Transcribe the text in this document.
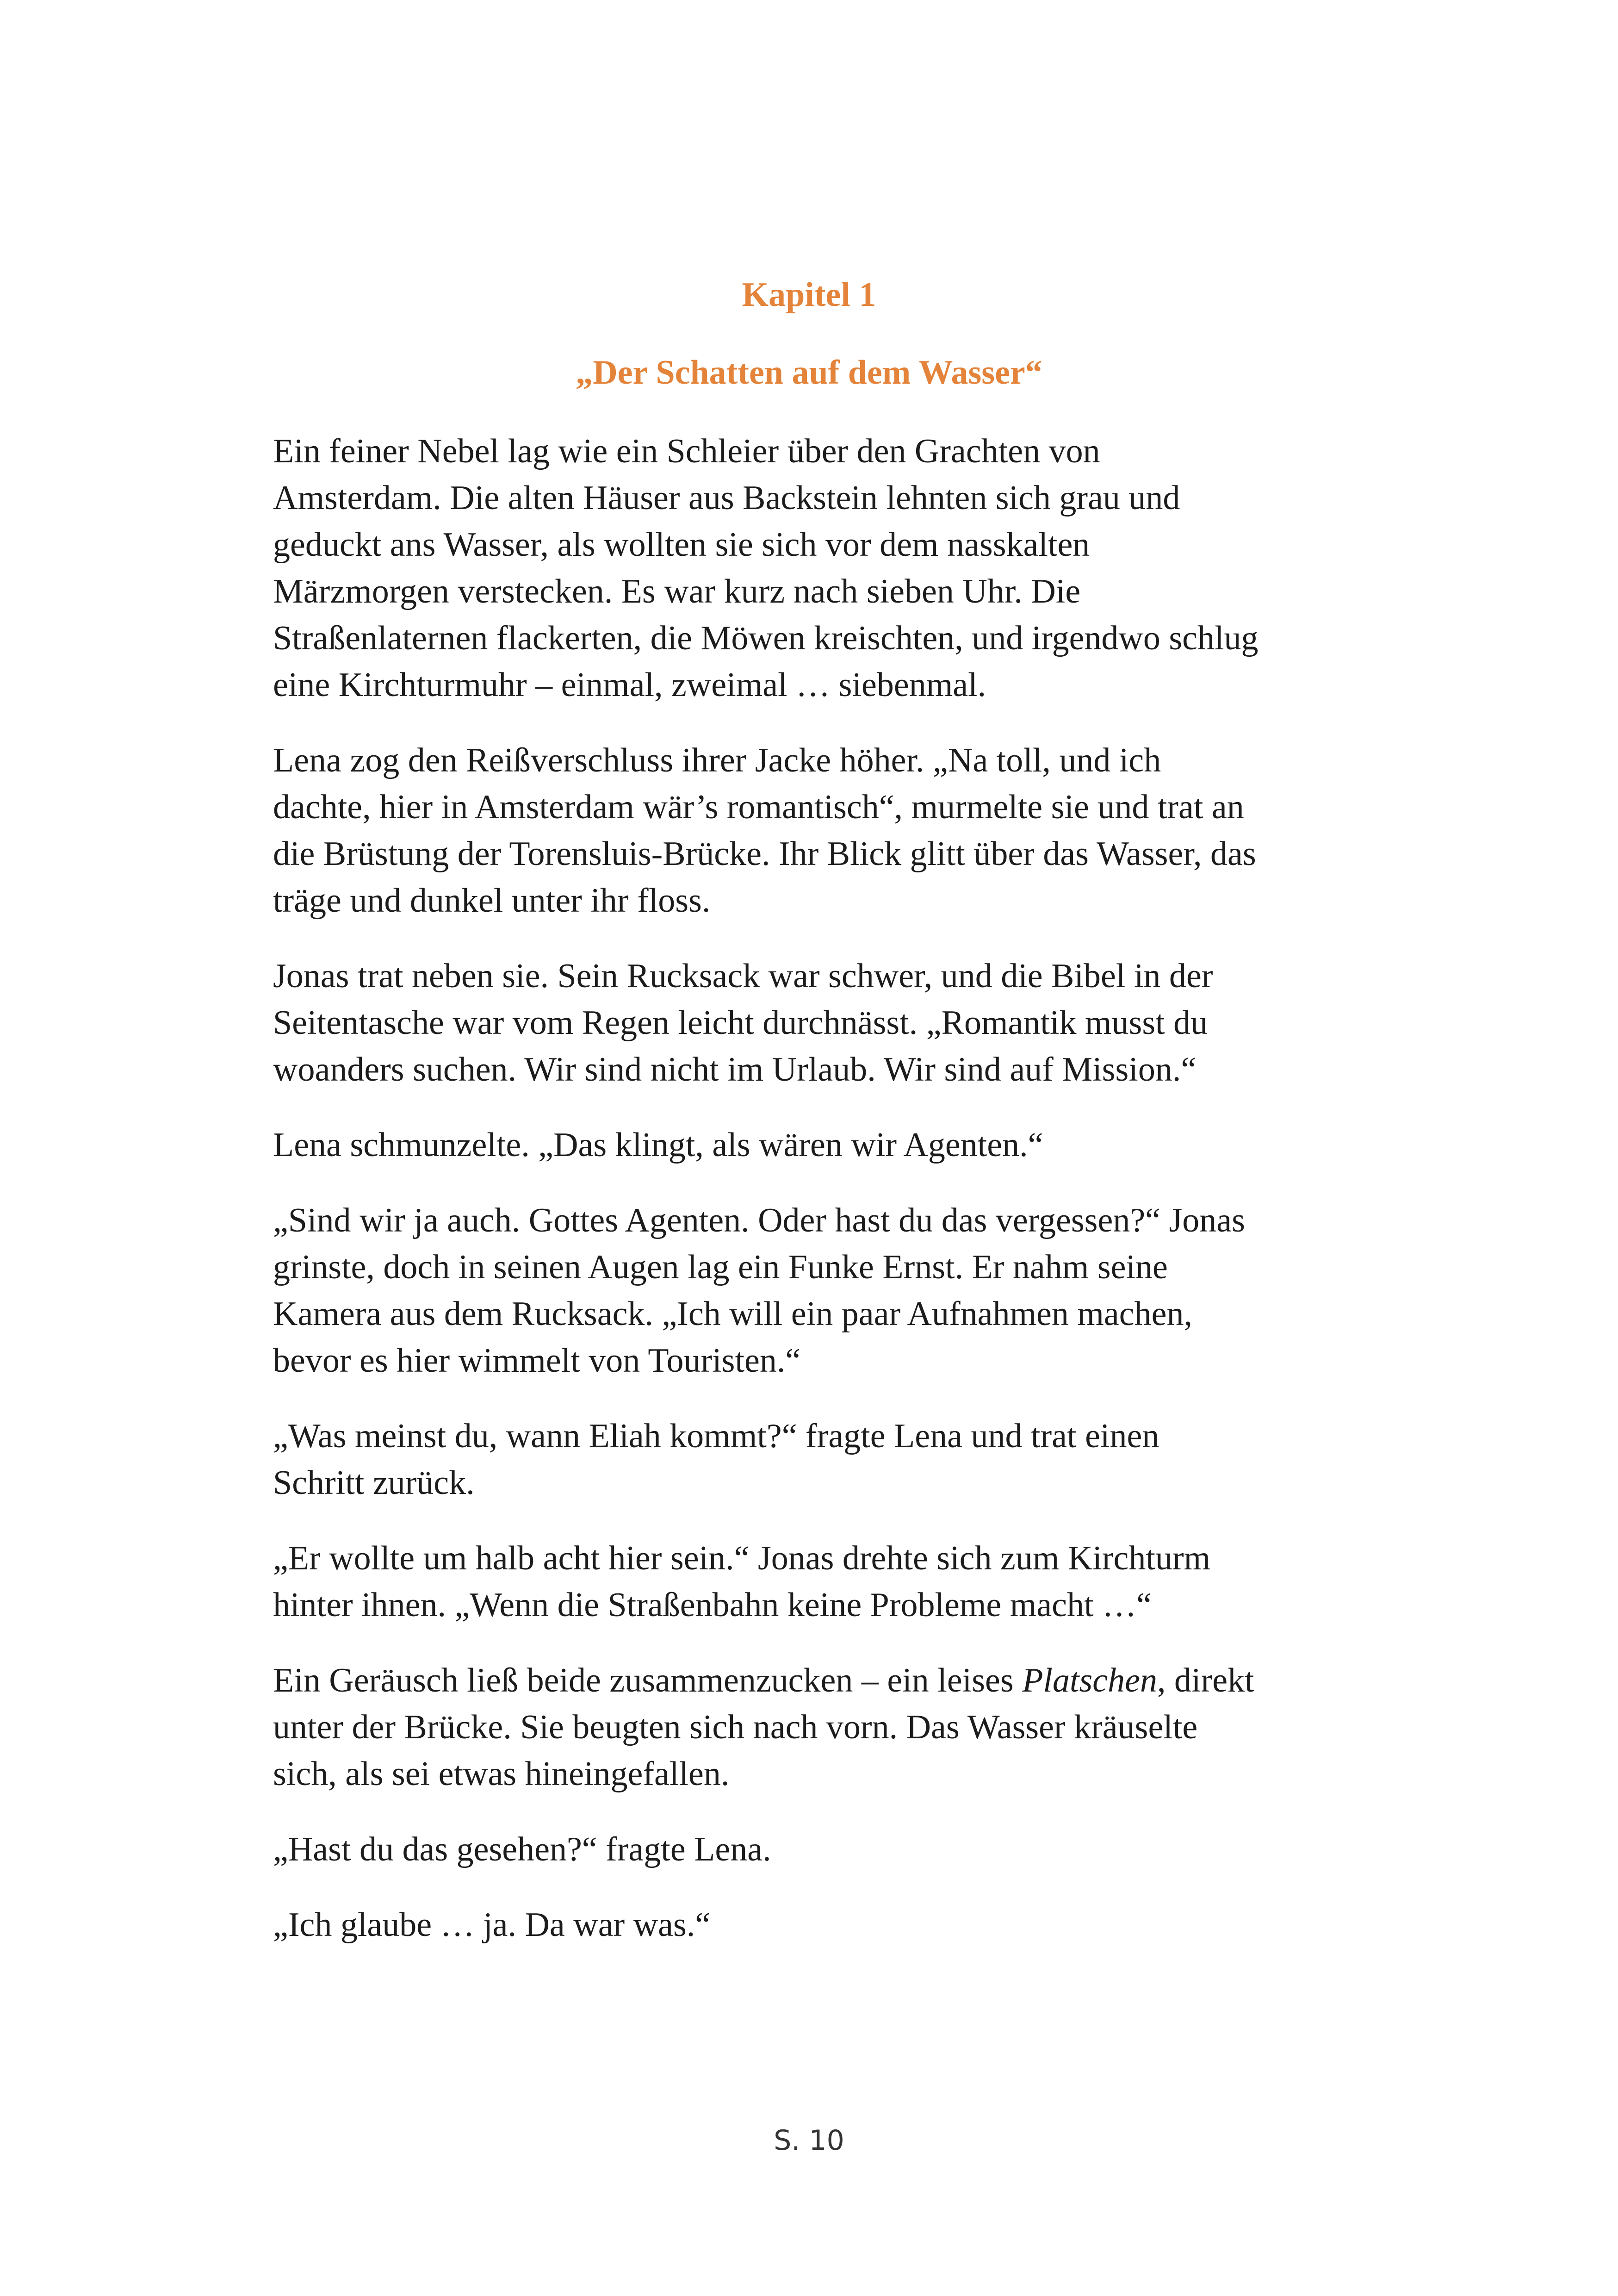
Kapitel 1
„Der Schatten auf dem Wasser“

Ein feiner Nebel lag wie ein Schleier über den Grachten von
Amsterdam. Die alten Häuser aus Backstein lehnten sich grau und
geduckt ans Wasser, als wollten sie sich vor dem nasskalten
Märzmorgen verstecken. Es war kurz nach sieben Uhr. Die
Straßenlaternen flackerten, die Möwen kreischten, und irgendwo schlug
eine Kirchturmuhr – einmal, zweimal … siebenmal.

Lena zog den Reißverschluss ihrer Jacke höher. „Na toll, und ich
dachte, hier in Amsterdam wär’s romantisch“, murmelte sie und trat an
die Brüstung der Torensluis-Brücke. Ihr Blick glitt über das Wasser, das
träge und dunkel unter ihr floss.

Jonas trat neben sie. Sein Rucksack war schwer, und die Bibel in der
Seitentasche war vom Regen leicht durchnässt. „Romantik musst du
woanders suchen. Wir sind nicht im Urlaub. Wir sind auf Mission.“

Lena schmunzelte. „Das klingt, als wären wir Agenten.“

„Sind wir ja auch. Gottes Agenten. Oder hast du das vergessen?“ Jonas
grinste, doch in seinen Augen lag ein Funke Ernst. Er nahm seine
Kamera aus dem Rucksack. „Ich will ein paar Aufnahmen machen,
bevor es hier wimmelt von Touristen.“

„Was meinst du, wann Eliah kommt?“ fragte Lena und trat einen
Schritt zurück.

„Er wollte um halb acht hier sein.“ Jonas drehte sich zum Kirchturm
hinter ihnen. „Wenn die Straßenbahn keine Probleme macht …“

Ein Geräusch ließ beide zusammenzucken – ein leises Platschen, direkt
unter der Brücke. Sie beugten sich nach vorn. Das Wasser kräuselte
sich, als sei etwas hineingefallen.

„Hast du das gesehen?“ fragte Lena.

„Ich glaube … ja. Da war was.“

S. 10
